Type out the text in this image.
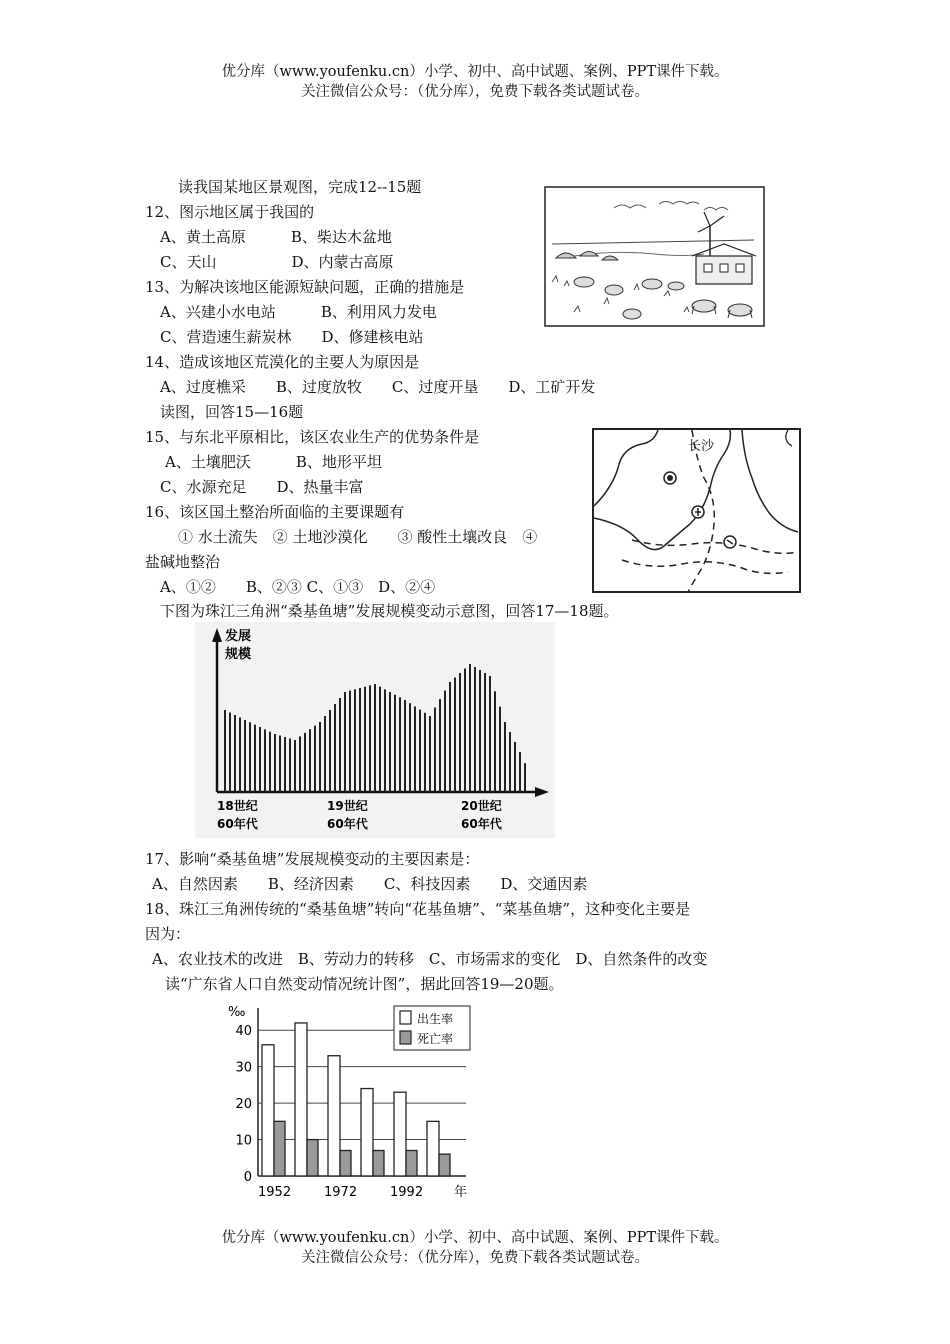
优分库（www.youfenku.cn）小学、初中、高中试题、案例、PPT课件下载。
关注微信公众号：（优分库），免费下载各类试题试卷。
读我国某地区景观图，完成12--15题
12、图示地区属于我国的
A、黄土高原　　　B、柴达木盆地
C、天山　　　　　D、内蒙古高原
13、为解决该地区能源短缺问题，正确的措施是
A、兴建小水电站　　　B、利用风力发电
C、营造速生薪炭林　　D、修建核电站
14、造成该地区荒漠化的主要人为原因是
A、过度樵采　　B、过度放牧　　C、过度开垦　　D、工矿开发
读图，回答15—16题
15、与东北平原相比，该区农业生产的优势条件是
A、土壤肥沃　　　B、地形平坦
C、水源充足　　D、热量丰富
16、该区国土整治所面临的主要课题有
① 水土流失　② 土地沙漠化　　③ 酸性土壤改良　④
盐碱地整治
A、①②　　B、②③ C、①③　D、②④
长沙
下图为珠江三角洲“桑基鱼塘”发展规模变动示意图，回答17—18题。
发展
规模
18世纪
60年代
19世纪
60年代
20世纪
60年代
17、影响“桑基鱼塘”发展规模变动的主要因素是：
A、自然因素　　B、经济因素　　C、科技因素　　D、交通因素
18、珠江三角洲传统的“桑基鱼塘”转向“花基鱼塘”、“菜基鱼塘”，这种变化主要是
因为：
A、农业技术的改进　B、劳动力的转移　C、市场需求的变化　D、自然条件的改变
读“广东省人口自然变动情况统计图”，据此回答19—20题。
0
10
20
30
40
1952	1972	1992
‰
年
出生率
死亡率
优分库（www.youfenku.cn）小学、初中、高中试题、案例、PPT课件下载。
关注微信公众号：（优分库），免费下载各类试题试卷。
